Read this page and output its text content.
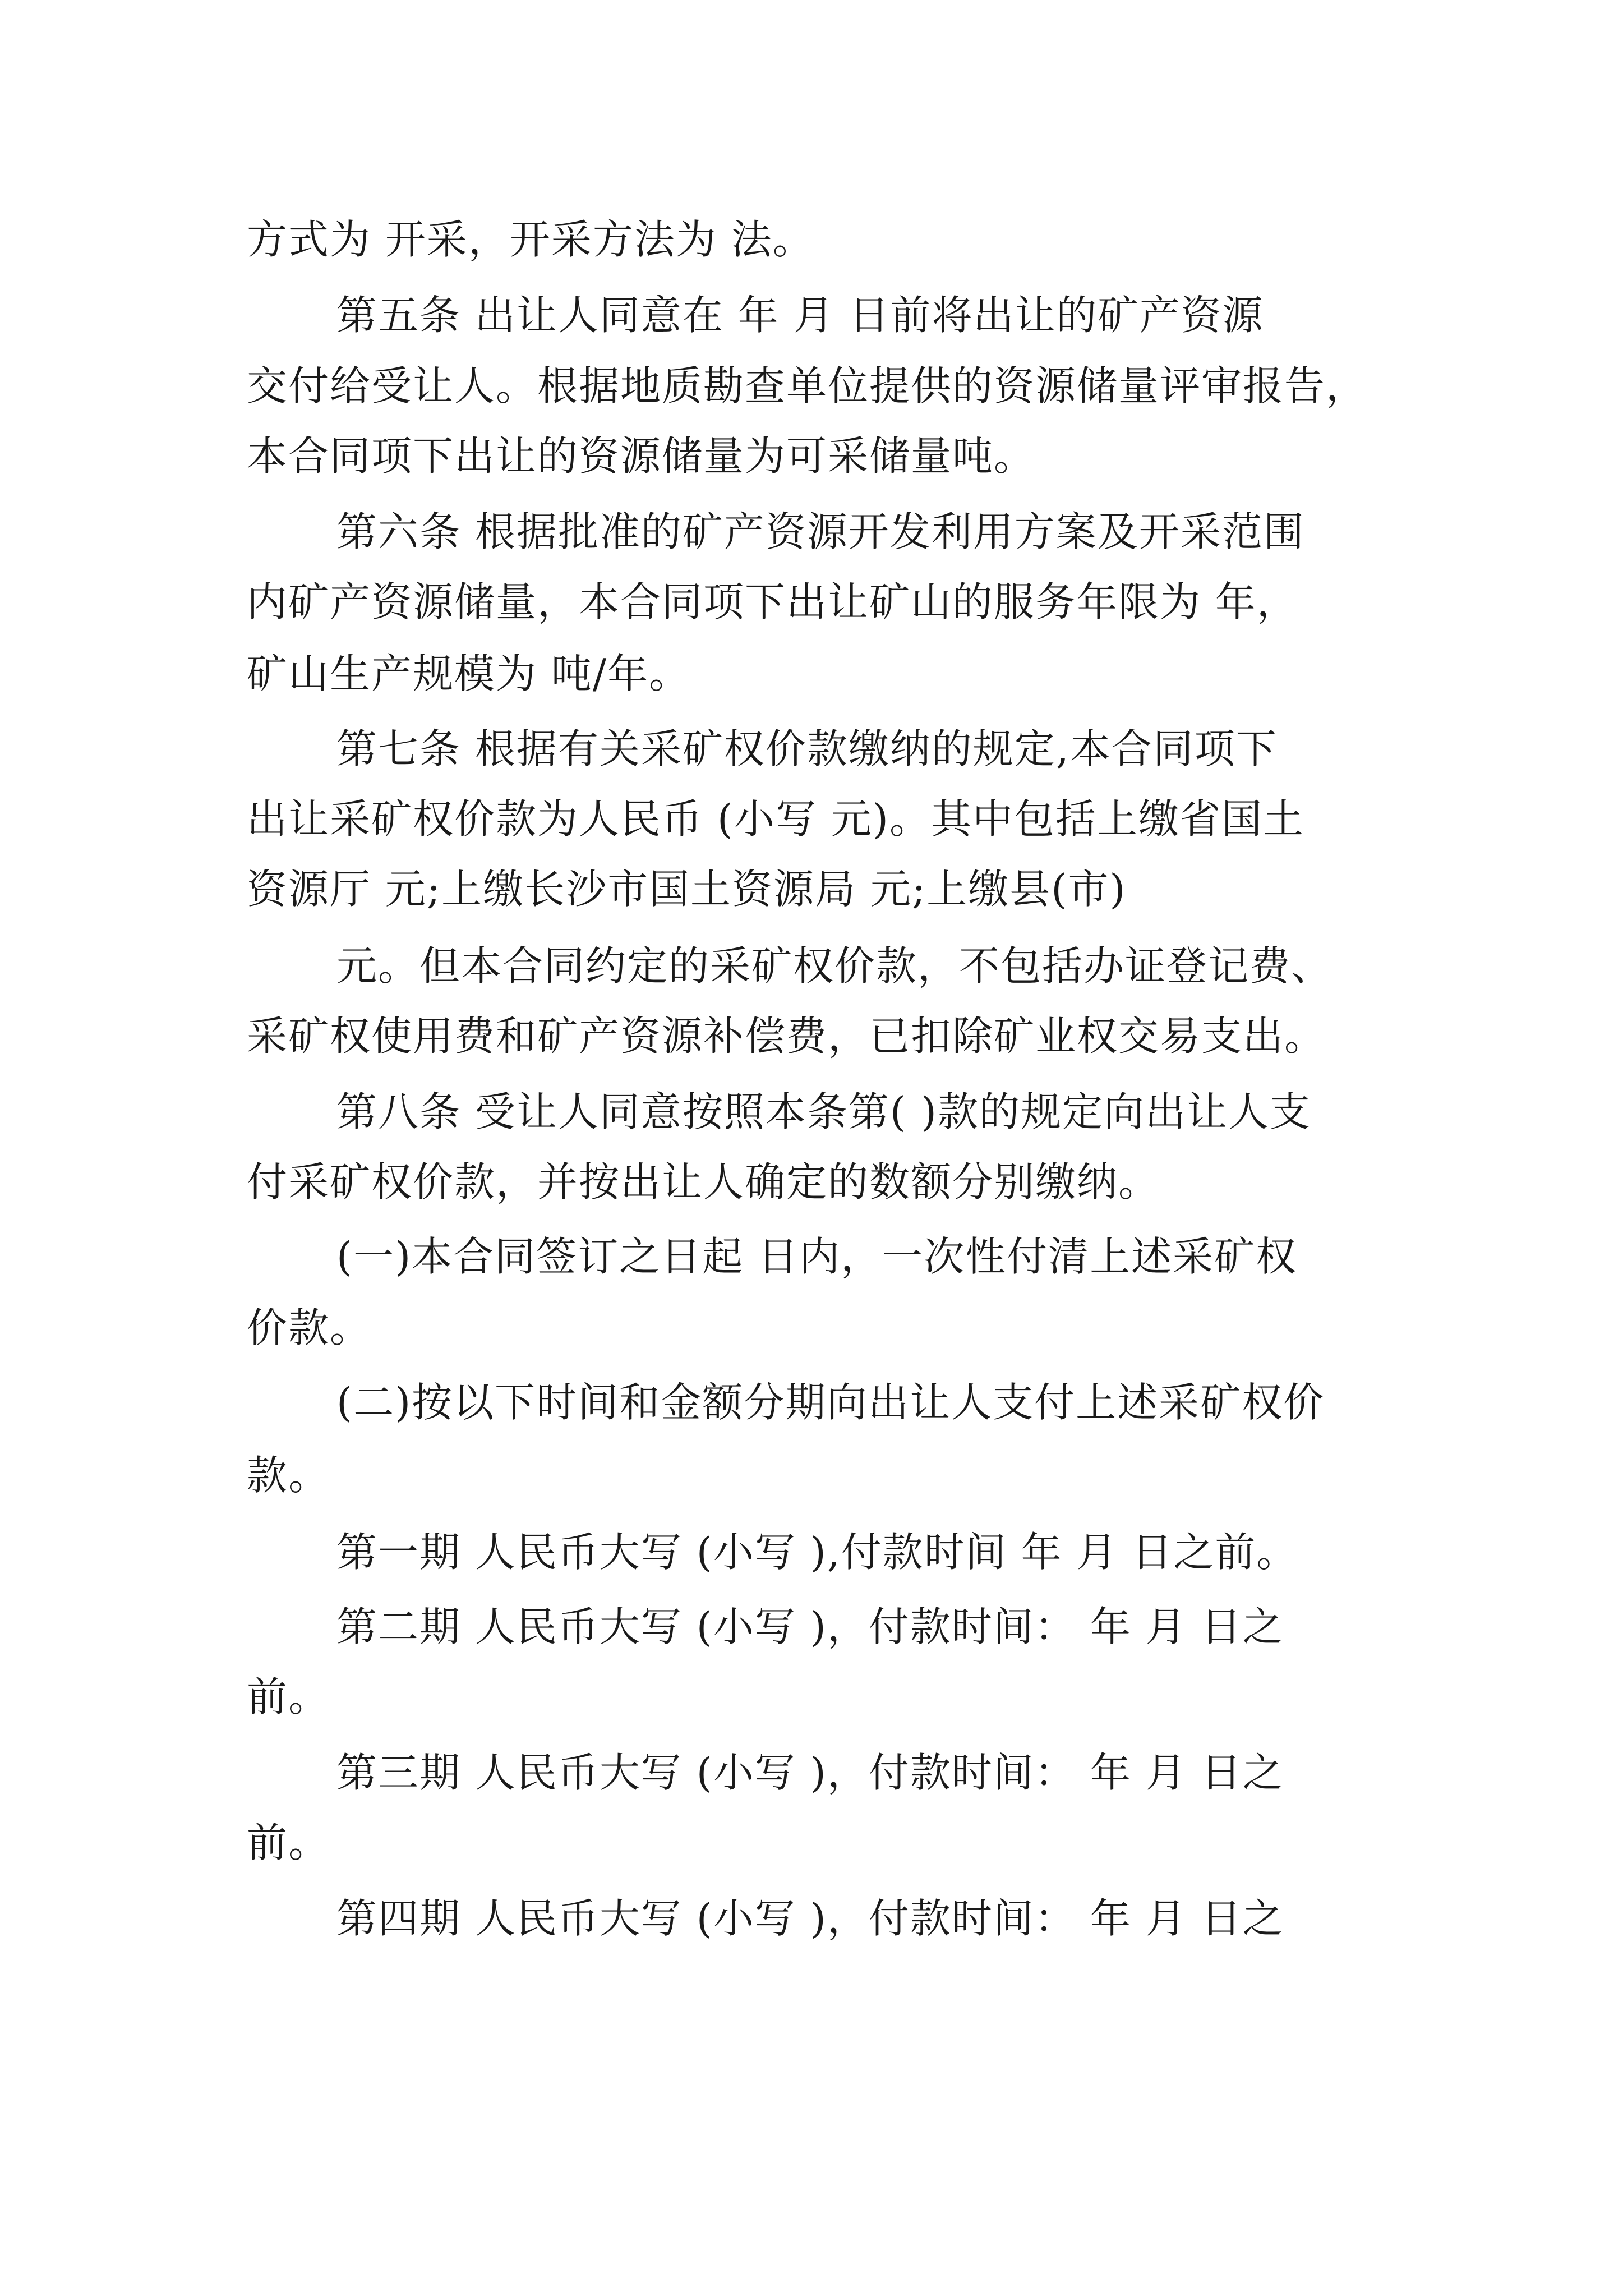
方式为 开采，开采方法为 法。

第五条 出让人同意在 年 月 日前将出让的矿产资源

交付给受让人。根据地质勘查单位提供的资源储量评审报告，

本合同项下出让的资源储量为可采储量吨。

第六条 根据批准的矿产资源开发利用方案及开采范围

内矿产资源储量，本合同项下出让矿山的服务年限为 年，

矿山生产规模为 吨/年。

第七条 根据有关采矿权价款缴纳的规定,本合同项下

出让采矿权价款为人民币 (小写 元)。其中包括上缴省国土

资源厅 元;上缴长沙市国土资源局 元;上缴县(市)

元。但本合同约定的采矿权价款，不包括办证登记费、

采矿权使用费和矿产资源补偿费，已扣除矿业权交易支出。

第八条 受让人同意按照本条第( )款的规定向出让人支

付采矿权价款，并按出让人确定的数额分别缴纳。

(一)本合同签订之日起 日内，一次性付清上述采矿权

价款。

(二)按以下时间和金额分期向出让人支付上述采矿权价

款。

第一期 人民币大写 (小写 ),付款时间 年 月 日之前。

第二期 人民币大写 (小写 )，付款时间： 年 月 日之

前。

第三期 人民币大写 (小写 )，付款时间： 年 月 日之

前。

第四期 人民币大写 (小写 )，付款时间： 年 月 日之
